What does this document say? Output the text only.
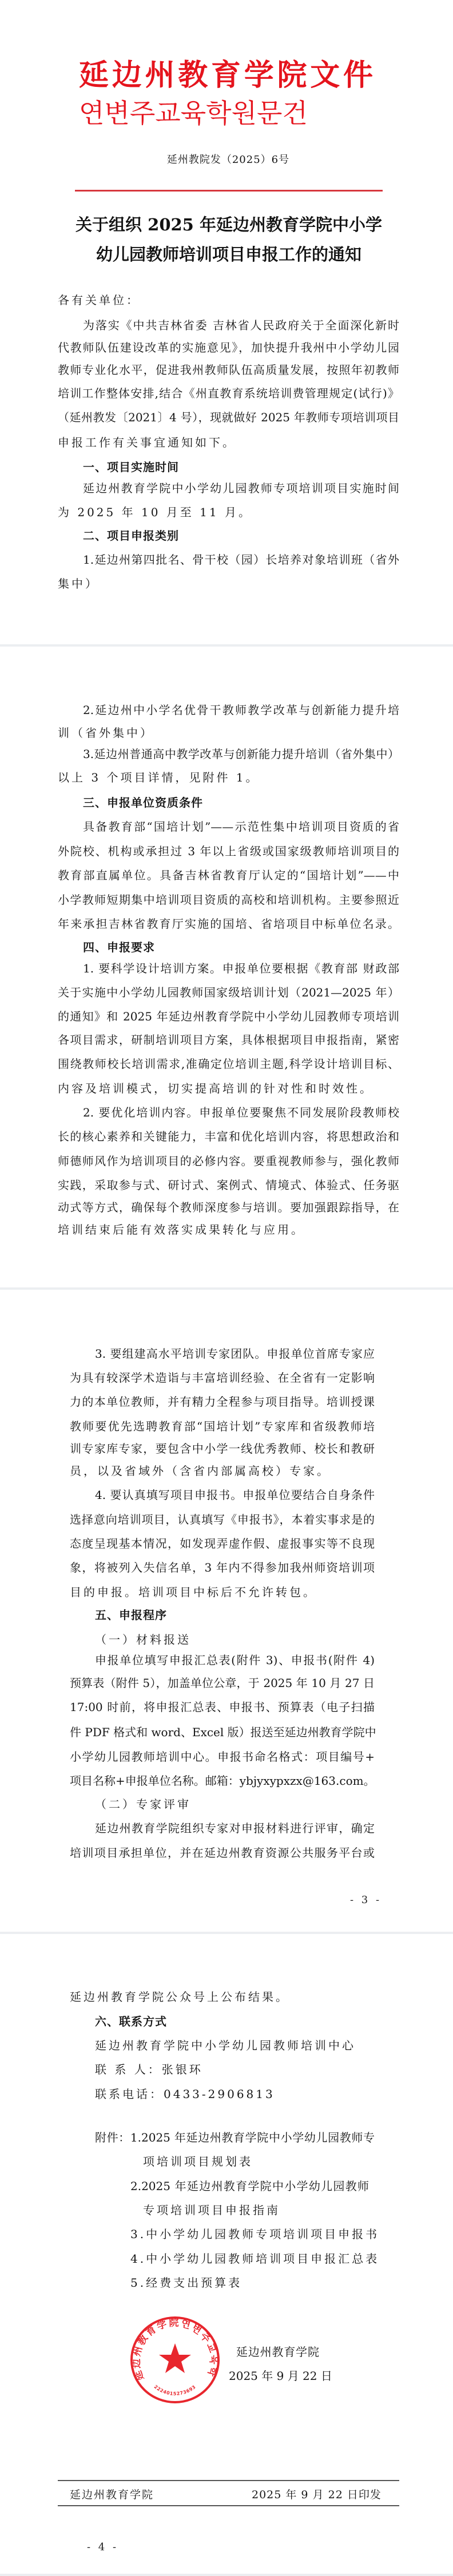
延边州教育学院文件
연변주교육학원문건
延州教院发（2025）6号
关于组织 2025 年延边州教育学院中小学
幼儿园教师培训项目申报工作的通知
各有关单位：
为落实《中共吉林省委 吉林省人民政府关于全面深化新时
代教师队伍建设改革的实施意见》，加快提升我州中小学幼儿园
教师专业化水平，促进我州教师队伍高质量发展，按照年初教师
培训工作整体安排,结合《州直教育系统培训费管理规定(试行)》
（延州教发〔2021〕4 号），现就做好 2025 年教师专项培训项目
申报工作有关事宜通知如下。
一、项目实施时间
延边州教育学院中小学幼儿园教师专项培训项目实施时间
为 2025 年 10 月至 11 月。
二、项目申报类别
1.延边州第四批名、骨干校（园）长培养对象培训班（省外
集中）
2.延边州中小学名优骨干教师教学改革与创新能力提升培
训（省外集中）
3.延边州普通高中教学改革与创新能力提升培训（省外集中）
以上 3 个项目详情，见附件 1。
三、申报单位资质条件
具备教育部“国培计划”——示范性集中培训项目资质的省
外院校、机构或承担过 3 年以上省级或国家级教师培训项目的
教育部直属单位。具备吉林省教育厅认定的“国培计划”——中
小学教师短期集中培训项目资质的高校和培训机构。主要参照近
年来承担吉林省教育厅实施的国培、省培项目中标单位名录。
四、申报要求
1. 要科学设计培训方案。申报单位要根据《教育部 财政部
关于实施中小学幼儿园教师国家级培训计划（2021—2025 年）
的通知》和 2025 年延边州教育学院中小学幼儿园教师专项培训
各项目需求，研制培训项目方案，具体根据项目申报指南，紧密
围绕教师校长培训需求,准确定位培训主题,科学设计培训目标、
内容及培训模式，切实提高培训的针对性和时效性。
2. 要优化培训内容。申报单位要聚焦不同发展阶段教师校
长的核心素养和关键能力，丰富和优化培训内容，将思想政治和
师德师风作为培训项目的必修内容。要重视教师参与，强化教师
实践，采取参与式、研讨式、案例式、情境式、体验式、任务驱
动式等方式，确保每个教师深度参与培训。要加强跟踪指导，在
培训结束后能有效落实成果转化与应用。
3. 要组建高水平培训专家团队。申报单位首席专家应
为具有较深学术造诣与丰富培训经验、在全省有一定影响
力的本单位教师，并有精力全程参与项目指导。培训授课
教师要优先选聘教育部“国培计划”专家库和省级教师培
训专家库专家，要包含中小学一线优秀教师、校长和教研
员，以及省域外（含省内部属高校）专家。
4. 要认真填写项目申报书。申报单位要结合自身条件
选择意向培训项目，认真填写《申报书》，本着实事求是的
态度呈现基本情况，如发现弄虚作假、虚报事实等不良现
象，将被列入失信名单，3 年内不得参加我州师资培训项
目的申报。培训项目中标后不允许转包。
五、申报程序
（一）材料报送
申报单位填写申报汇总表(附件 3)、申报书(附件 4)
预算表（附件 5），加盖单位公章，于 2025 年 10 月 27 日
17:00 时前，将申报汇总表、申报书、预算表（电子扫描
件 PDF 格式和 word、Excel 版）报送至延边州教育学院中
小学幼儿园教师培训中心。申报书命名格式：项目编号+
项目名称+申报单位名称。邮箱：ybjyxypxzx@163.com。
（二）专家评审
延边州教育学院组织专家对申报材料进行评审，确定
培训项目承担单位，并在延边州教育资源公共服务平台或
- 3 -
延边州教育学院公众号上公布结果。
六、联系方式
延边州教育学院中小学幼儿园教师培训中心
联 系 人：张银环
联系电话：0433-2906813
附件：1.2025 年延边州教育学院中小学幼儿园教师专
项培训项目规划表
2.2025 年延边州教育学院中小学幼儿园教师
专项培训项目申报指南
3.中小学幼儿园教师专项培训项目申报书
4.中小学幼儿园教师培训项目申报汇总表
5.经费支出预算表
延边州教育学院연변주교육학
2224015273693
延边州教育学院
2025 年 9 月 22 日
延边州教育学院	2025 年 9 月 22 日印发
- 4 -
